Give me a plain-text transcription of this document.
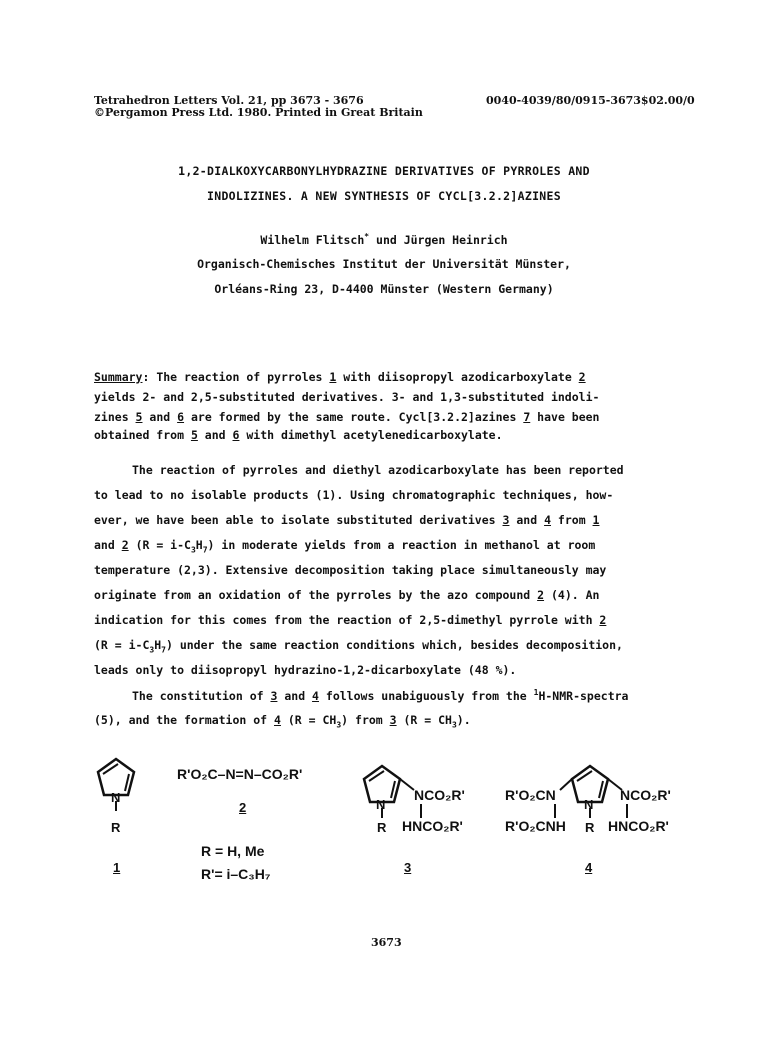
Tetrahedron Letters Vol. 21, pp 3673 - 3676
©Pergamon Press Ltd. 1980. Printed in Great Britain
0040-4039/80/0915-3673$02.00/0
1,2-DIALKOXYCARBONYLHYDRAZINE DERIVATIVES OF PYRROLES AND
INDOLIZINES. A NEW SYNTHESIS OF CYCL[3.2.2]AZINES
Wilhelm Flitsch* und Jürgen Heinrich
Organisch-Chemisches Institut der Universität Münster,
Orléans-Ring 23, D-4400 Münster (Western Germany)
Summary: The reaction of pyrroles 1 with diisopropyl azodicarboxylate 2
yields 2- and 2,5-substituted derivatives. 3- and 1,3-substituted indoli-
zines 5 and 6 are formed by the same route. Cycl[3.2.2]azines 7 have been
obtained from 5 and 6 with dimethyl acetylenedicarboxylate.
The reaction of pyrroles and diethyl azodicarboxylate has been reported
to lead to no isolable products (1). Using chromatographic techniques, how-
ever, we have been able to isolate substituted derivatives 3 and 4 from 1
and 2 $(R = i-C_3H_7)$ in moderate yields from a reaction in methanol at room
temperature (2,3). Extensive decomposition taking place simultaneously may
originate from an oxidation of the pyrroles by the azo compound 2 (4). An
indication for this comes from the reaction of 2,5-dimethyl pyrrole with 2
$(R = i-C_3H_7)$ under the same reaction conditions which, besides decomposition,
leads only to diisopropyl hydrazino-1,2-dicarboxylate (48 %).
The constitution of 3 and 4 follows unabiguously from the $^1$H-NMR-spectra
(5), and the formation of 4 $(R = CH_3)$ from 3 $(R = CH_3)$.
N
R
1
R'O₂C–N=N–CO₂R'
2
R = H, Me
R'= i–C₃H₇
N
NCO₂R'
R HNCO₂R'
3
N
R'O₂CN
R'O₂CNH R
NCO₂R'
HNCO₂R'
4
3673
